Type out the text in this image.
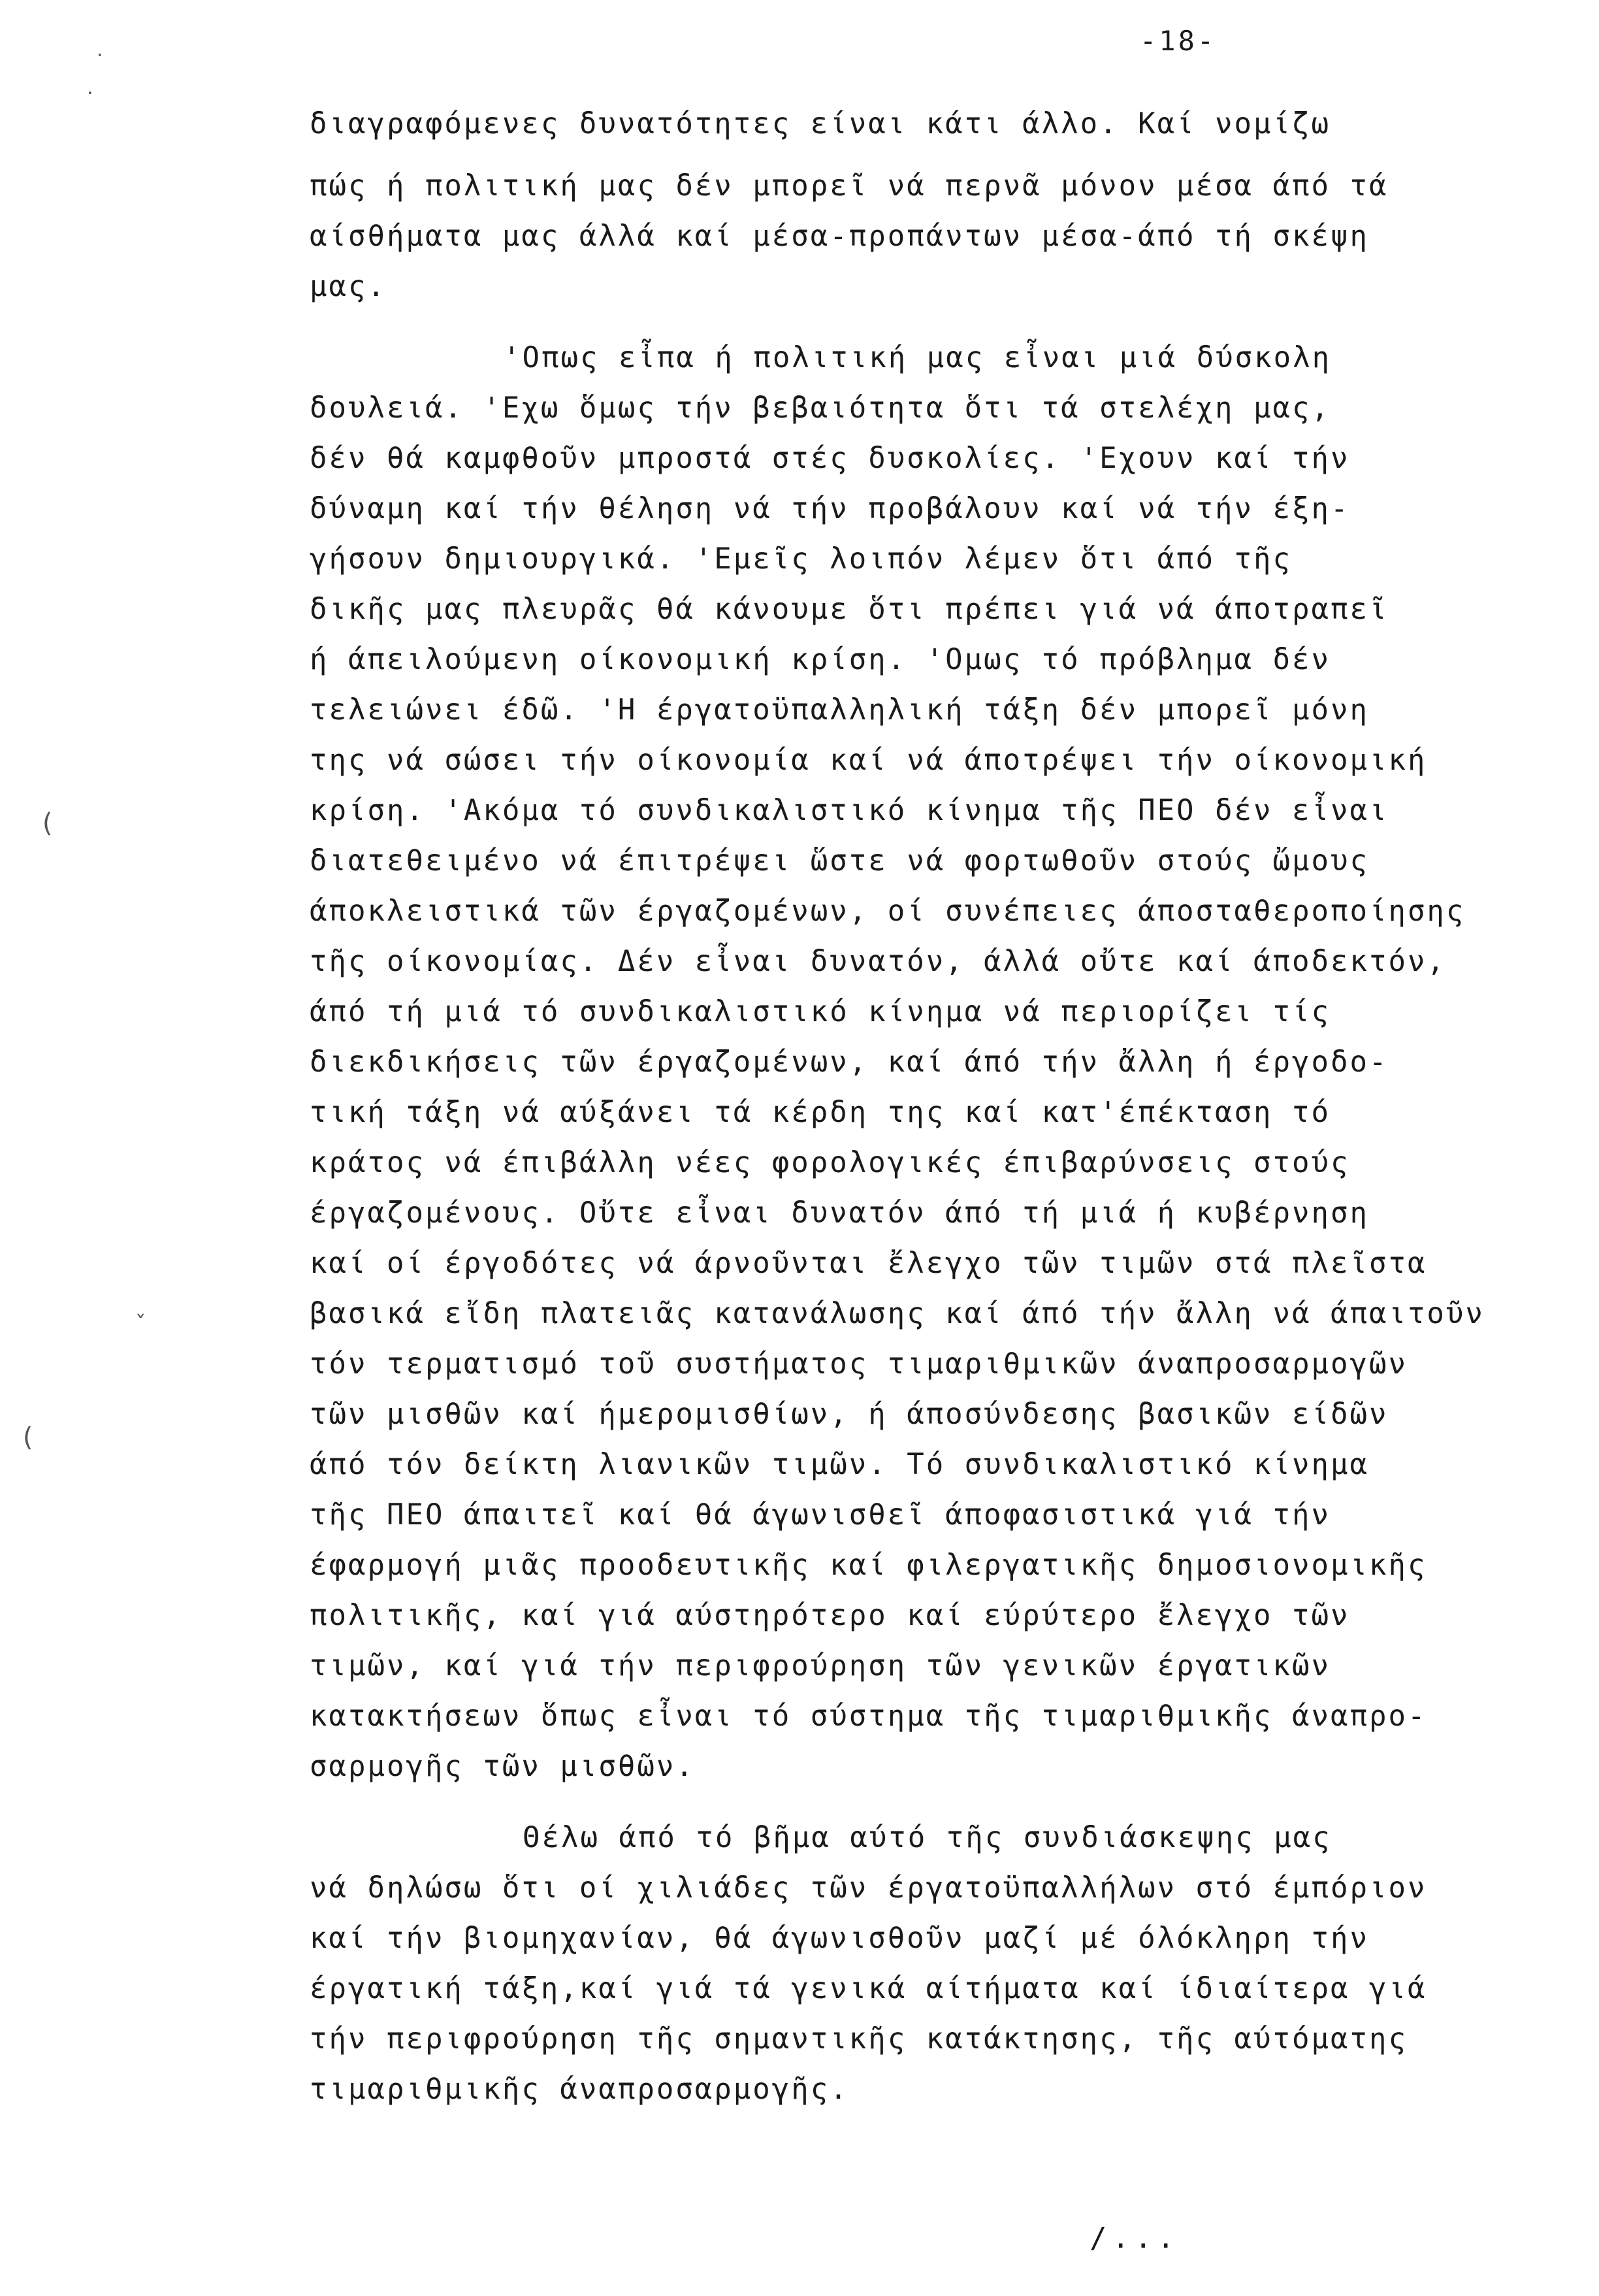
-18-
διαγραφόμενες δυνατότητες είναι κάτι άλλο. Καί νομίζω
πώς ή πολιτική μας δέν μπορεῖ νά περνᾶ μόνον μέσα άπό τά
αίσθήματα μας άλλά καί μέσα-προπάντων μέσα-άπό τή σκέψη
μας.
'Οπως εἶπα ή πολιτική μας εἶναι μιά δύσκολη
δουλειά. 'Εχω ὅμως τήν βεβαιότητα ὅτι τά στελέχη μας,
δέν θά καμφθοῦν μπροστά στές δυσκολίες. 'Εχουν καί τήν
δύναμη καί τήν θέληση νά τήν προβάλουν καί νά τήν έξη-
γήσουν δημιουργικά. 'Εμεῖς λοιπόν λέμεν ὅτι άπό τῆς
δικῆς μας πλευρᾶς θά κάνουμε ὅτι πρέπει γιά νά άποτραπεῖ
ή άπειλούμενη οίκονομική κρίση. 'Ομως τό πρόβλημα δέν
τελειώνει έδῶ. 'Η έργατοϋπαλληλική τάξη δέν μπορεῖ μόνη
της νά σώσει τήν οίκονομία καί νά άποτρέψει τήν οίκονομική
κρίση. 'Ακόμα τό συνδικαλιστικό κίνημα τῆς ΠΕΟ δέν εἶναι
διατεθειμένο νά έπιτρέψει ὥστε νά φορτωθοῦν στούς ὤμους
άποκλειστικά τῶν έργαζομένων, οί συνέπειες άποσταθεροποίησης
τῆς οίκονομίας. Δέν εἶναι δυνατόν, άλλά οὔτε καί άποδεκτόν,
άπό τή μιά τό συνδικαλιστικό κίνημα νά περιορίζει τίς
διεκδικήσεις τῶν έργαζομένων, καί άπό τήν ἄλλη ή έργοδο-
τική τάξη νά αύξάνει τά κέρδη της καί κατ'έπέκταση τό
κράτος νά έπιβάλλη νέες φορολογικές έπιβαρύνσεις στούς
έργαζομένους. Οὔτε εἶναι δυνατόν άπό τή μιά ή κυβέρνηση
καί οί έργοδότες νά άρνοῦνται ἔλεγχο τῶν τιμῶν στά πλεῖστα
βασικά εἴδη πλατειᾶς κατανάλωσης καί άπό τήν ἄλλη νά άπαιτοῦν
τόν τερματισμό τοῦ συστήματος τιμαριθμικῶν άναπροσαρμογῶν
τῶν μισθῶν καί ήμερομισθίων, ή άποσύνδεσης βασικῶν είδῶν
άπό τόν δείκτη λιανικῶν τιμῶν. Τό συνδικαλιστικό κίνημα
τῆς ΠΕΟ άπαιτεῖ καί θά άγωνισθεῖ άποφασιστικά γιά τήν
έφαρμογή μιᾶς προοδευτικῆς καί φιλεργατικῆς δημοσιονομικῆς
πολιτικῆς, καί γιά αύστηρότερο καί εύρύτερο ἔλεγχο τῶν
τιμῶν, καί γιά τήν περιφρούρηση τῶν γενικῶν έργατικῶν
κατακτήσεων ὅπως εἶναι τό σύστημα τῆς τιμαριθμικῆς άναπρο-
σαρμογῆς τῶν μισθῶν.
Θέλω άπό τό βῆμα αύτό τῆς συνδιάσκεψης μας
νά δηλώσω ὅτι οί χιλιάδες τῶν έργατοϋπαλλήλων στό έμπόριον
καί τήν βιομηχανίαν, θά άγωνισθοῦν μαζί μέ όλόκληρη τήν
έργατική τάξη,καί γιά τά γενικά αίτήματα καί ίδιαίτερα γιά
τήν περιφρούρηση τῆς σημαντικῆς κατάκτησης, τῆς αύτόματης
τιμαριθμικῆς άναπροσαρμογῆς.
/...
(
(
·
·
ˇ
